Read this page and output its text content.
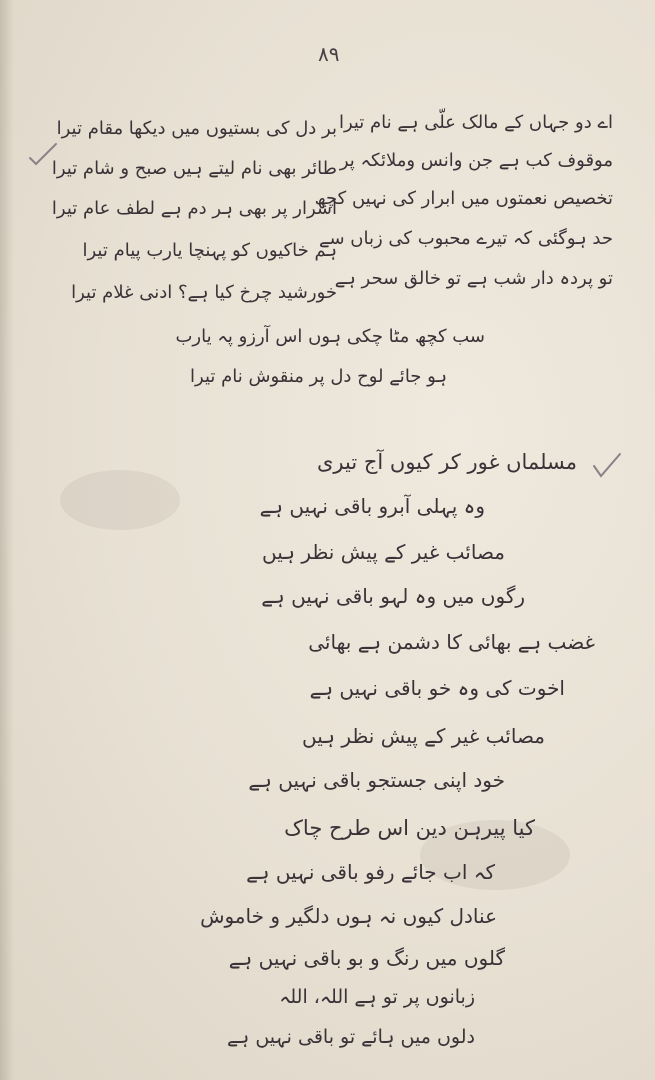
۸۹
اے دو جہاں کے مالک علّی ہے نام تیرا
موقوف کب ہے جن وانس وملائکہ پر
تخصیص نعمتوں میں ابرار کی نہیں کچھ
حد ہوگئی کہ تیرے محبوب کی زباں سے
تو پردہ دار شب ہے تو خالق سحر ہے
بر دل کی بستیوں میں دیکھا مقام تیرا
طائر بھی نام لیتے ہیں صبح و شام تیرا
اشرار پر بھی ہر دم ہے لطف عام تیرا
ہم خاکیوں کو پہنچا یارب پیام تیرا
خورشید چرخ کیا ہے؟ ادنی غلام تیرا
سب کچھ مٹا چکی ہوں اس آرزو پہ یارب
ہو جائے لوح دل پر منقوش نام تیرا
مسلماں غور کر کیوں آج تیری
وہ پہلی آبرو باقی نہیں ہے
مصائب غیر کے پیش نظر ہیں
رگوں میں وہ لہو باقی نہیں ہے
غضب ہے بھائی کا دشمن ہے بھائی
اخوت کی وہ خو باقی نہیں ہے
مصائب غیر کے پیش نظر ہیں
خود اپنی جستجو باقی نہیں ہے
کیا پیرہن دین اس طرح چاک
کہ اب جائے رفو باقی نہیں ہے
عنادل کیوں نہ ہوں دلگیر و خاموش
گلوں میں رنگ و بو باقی نہیں ہے
زبانوں پر تو ہے اللہ، اللہ
دلوں میں ہائے تو باقی نہیں ہے
